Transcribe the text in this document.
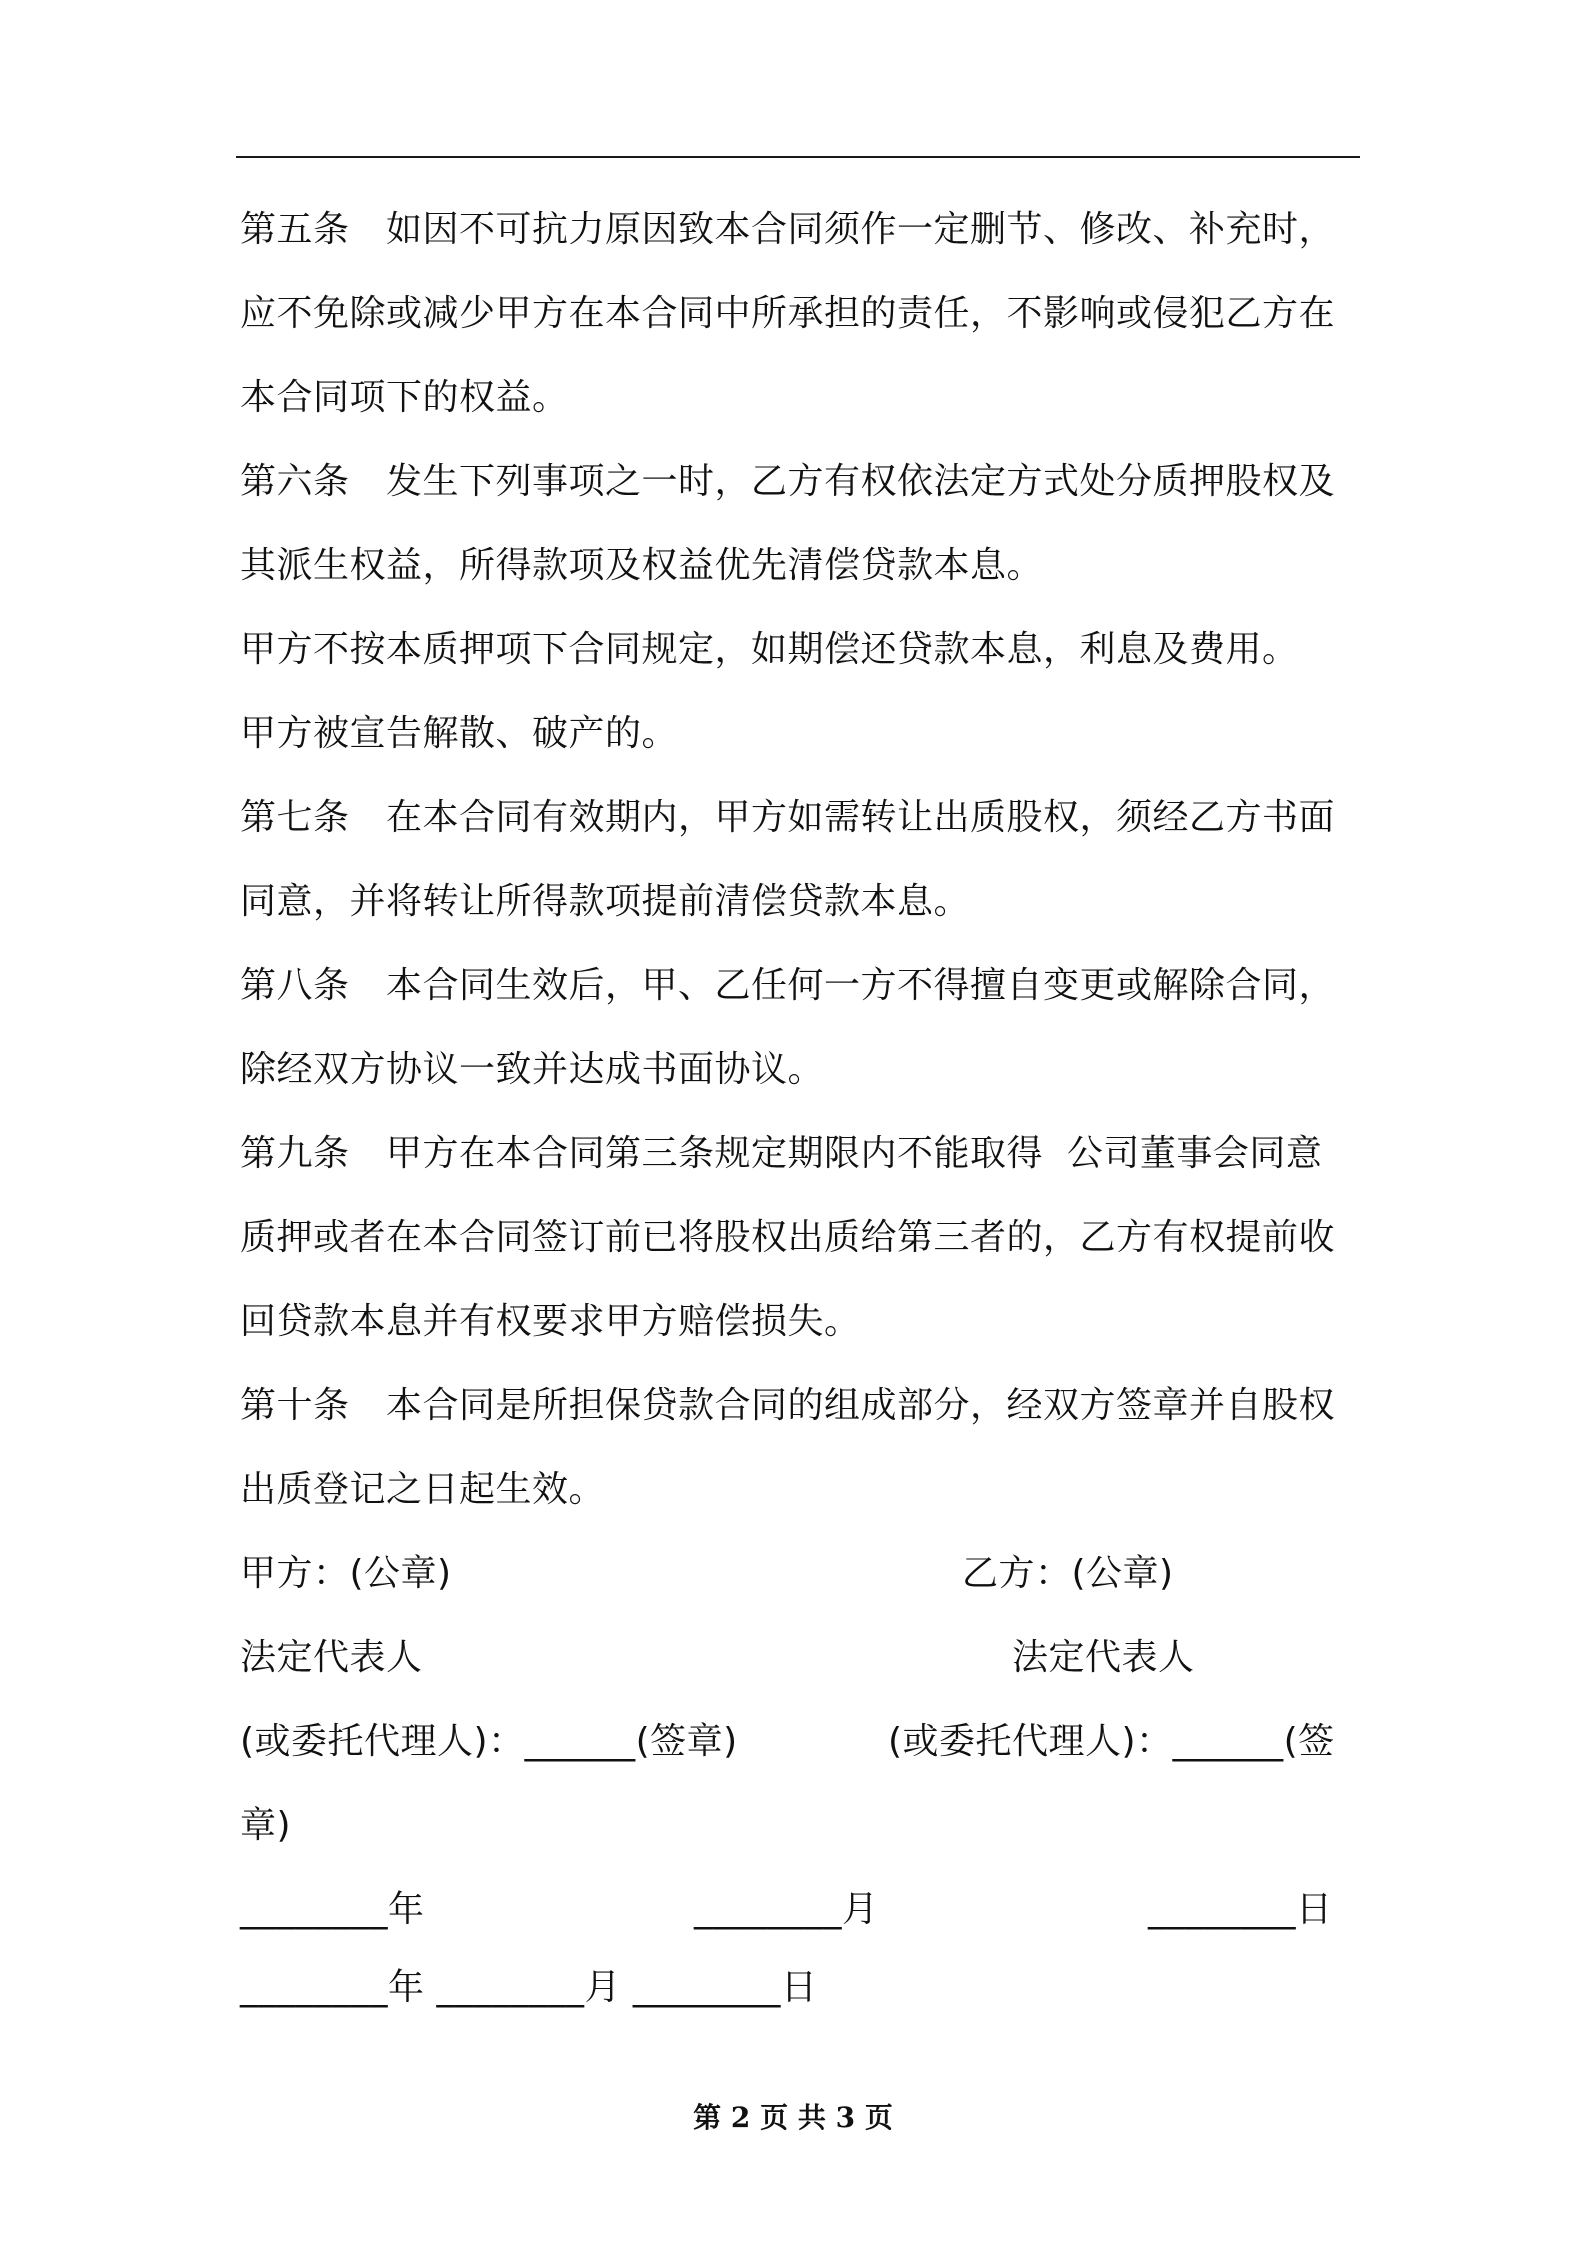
第五条　如因不可抗力原因致本合同须作一定删节、修改、补充时，
应不免除或减少甲方在本合同中所承担的责任，不影响或侵犯乙方在
本合同项下的权益。
第六条　发生下列事项之一时，乙方有权依法定方式处分质押股权及
其派生权益，所得款项及权益优先清偿贷款本息。
甲方不按本质押项下合同规定，如期偿还贷款本息，利息及费用。
甲方被宣告解散、破产的。
第七条　在本合同有效期内，甲方如需转让出质股权，须经乙方书面
同意，并将转让所得款项提前清偿贷款本息。
第八条　本合同生效后，甲、乙任何一方不得擅自变更或解除合同，
除经双方协议一致并达成书面协议。
第九条　甲方在本合同第三条规定期限内不能取得  公司董事会同意
质押或者在本合同签订前已将股权出质给第三者的，乙方有权提前收
回贷款本息并有权要求甲方赔偿损失。
第十条　本合同是所担保贷款合同的组成部分，经双方签章并自股权
出质登记之日起生效。
甲方：(公章)	乙方：(公章)
法定代表人	法定代表人
(或委托代理人)：______(签章)	(或委托代理人)：______(签
章)
________年	________月	________日
________年 ________月 ________日
第 2 页 共 3 页
